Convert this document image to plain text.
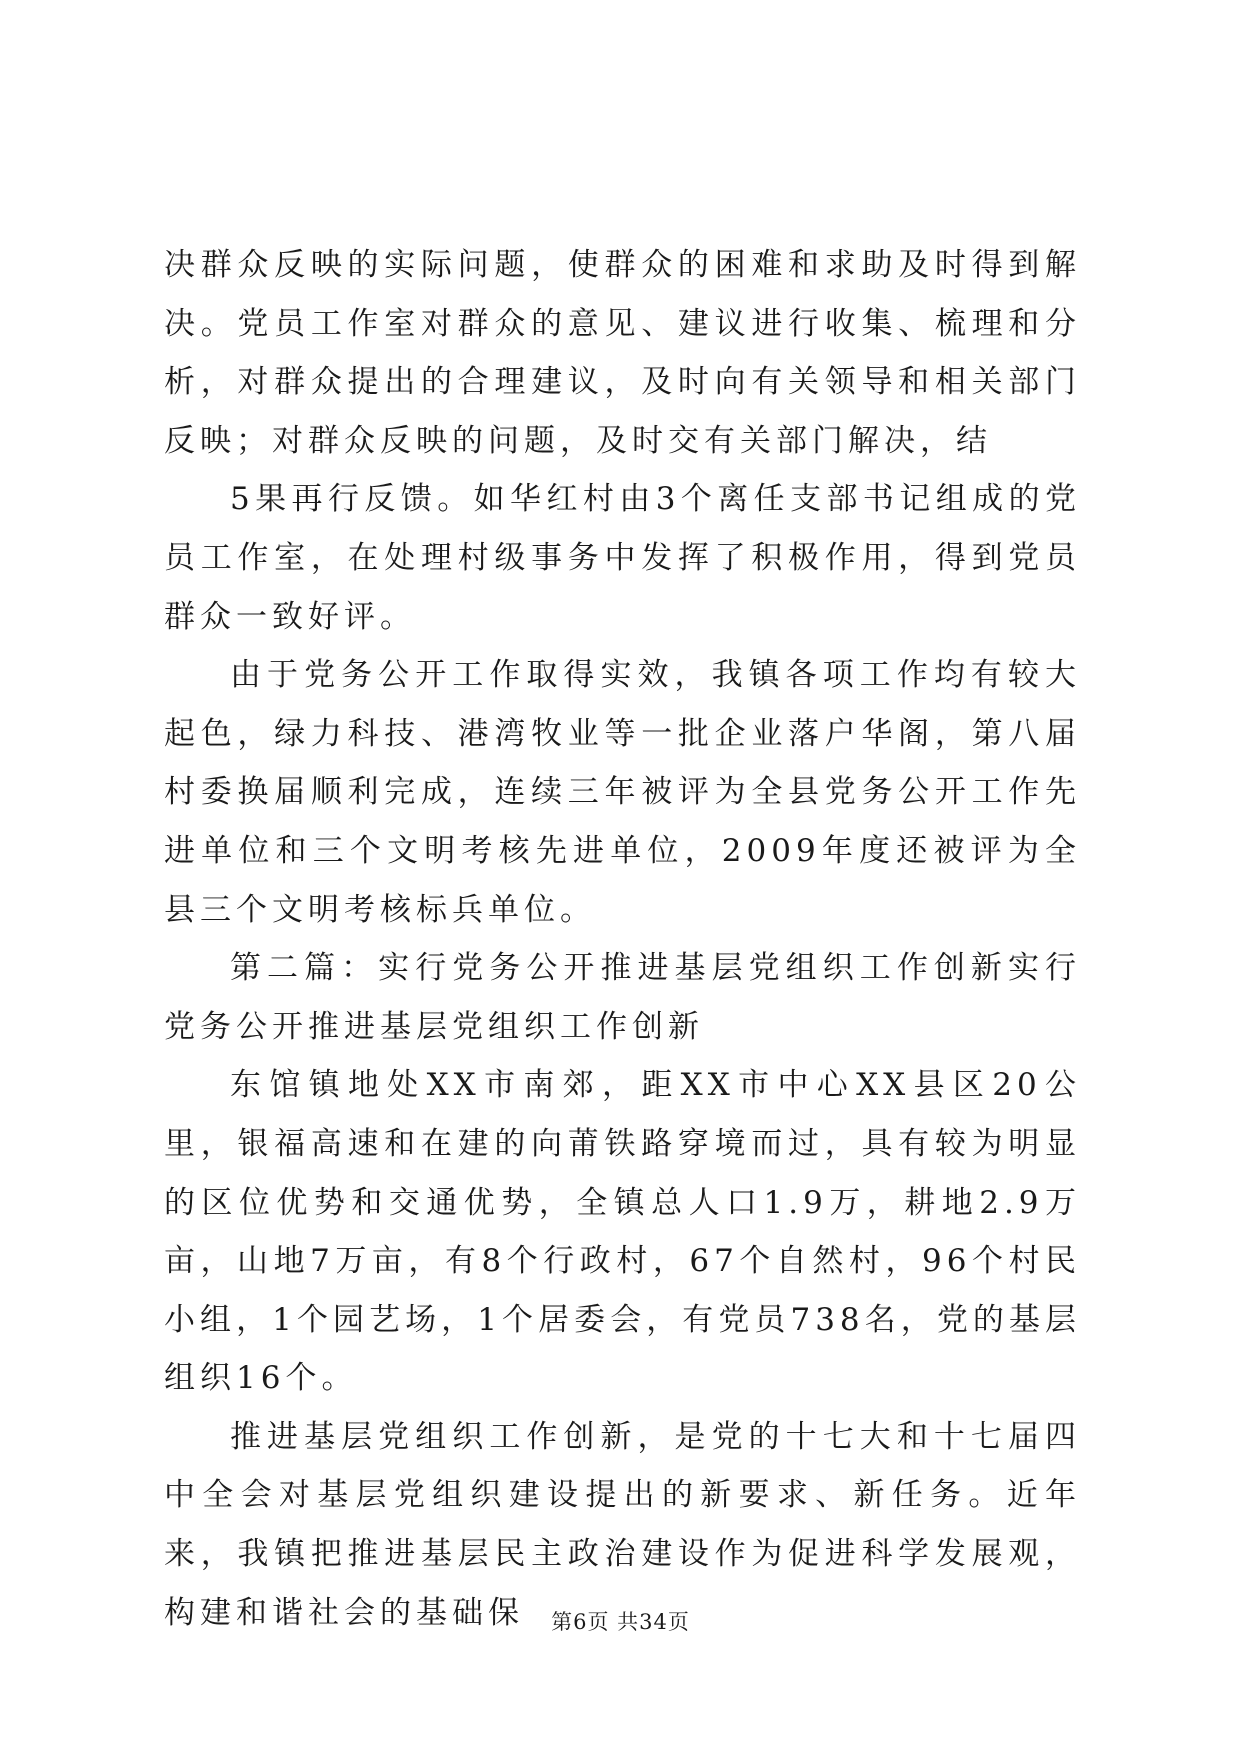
决群众反映的实际问题，使群众的困难和求助及时得到解决。党员工作室对群众的意见、建议进行收集、梳理和分析，对群众提出的合理建议，及时向有关领导和相关部门反映；对群众反映的问题，及时交有关部门解决，结

5果再行反馈。如华红村由3个离任支部书记组成的党员工作室，在处理村级事务中发挥了积极作用，得到党员群众一致好评。

由于党务公开工作取得实效，我镇各项工作均有较大起色，绿力科技、港湾牧业等一批企业落户华阁，第八届村委换届顺利完成，连续三年被评为全县党务公开工作先进单位和三个文明考核先进单位，2009年度还被评为全县三个文明考核标兵单位。

第二篇：实行党务公开推进基层党组织工作创新实行党务公开推进基层党组织工作创新

东馆镇地处XX市南郊，距XX市中心XX县区20公里，银福高速和在建的向莆铁路穿境而过，具有较为明显的区位优势和交通优势，全镇总人口1.9万，耕地2.9万亩，山地7万亩，有8个行政村，67个自然村，96个村民小组，1个园艺场，1个居委会，有党员738名，党的基层组织16个。

推进基层党组织工作创新，是党的十七大和十七届四中全会对基层党组织建设提出的新要求、新任务。近年来，我镇把推进基层民主政治建设作为促进科学发展观，构建和谐社会的基础保	第6页 共34页
